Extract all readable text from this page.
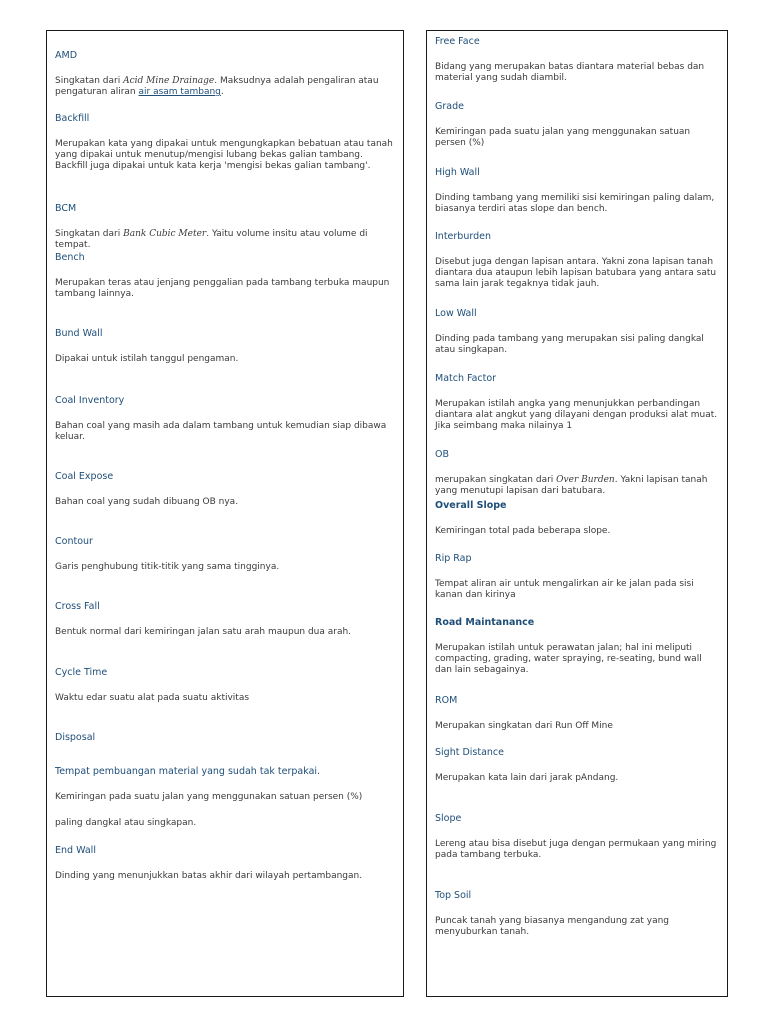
AMD
Singkatan dari Acid Mine Drainage. Maksudnya adalah pengaliran atau pengaturan aliran air asam tambang.
Backfill
Merupakan kata yang dipakai untuk mengungkapkan bebatuan atau tanah yang dipakai untuk menutup/mengisi lubang bekas galian tambang. Backfill juga dipakai untuk kata kerja 'mengisi bekas galian tambang'.
BCM
Singkatan dari Bank Cubic Meter. Yaitu volume insitu atau volume di tempat.
Bench
Merupakan teras atau jenjang penggalian pada tambang terbuka maupun tambang lainnya.
Bund Wall
Dipakai untuk istilah tanggul pengaman.
Coal Inventory
Bahan coal yang masih ada dalam tambang untuk kemudian siap dibawa keluar.
Coal Expose
Bahan coal yang sudah dibuang OB nya.
Contour
Garis penghubung titik-titik yang sama tingginya.
Cross Fall
Bentuk normal dari kemiringan jalan satu arah maupun dua arah.
Cycle Time
Waktu edar suatu alat pada suatu aktivitas
Disposal
Tempat pembuangan material yang sudah tak terpakai.
Kemiringan pada suatu jalan yang menggunakan satuan persen (%)
paling dangkal atau singkapan.
End Wall
Dinding yang menunjukkan batas akhir dari wilayah pertambangan.
Free Face
Bidang yang merupakan batas diantara material bebas dan material yang sudah diambil.
Grade
Kemiringan pada suatu jalan yang menggunakan satuan persen (%)
High Wall
Dinding tambang yang memiliki sisi kemiringan paling dalam, biasanya terdiri atas slope dan bench.
Interburden
Disebut juga dengan lapisan antara. Yakni zona lapisan tanah diantara dua ataupun lebih lapisan batubara yang antara satu sama lain jarak tegaknya tidak jauh.
Low Wall
Dinding pada tambang yang merupakan sisi paling dangkal atau singkapan.
Match Factor
Merupakan istilah angka yang menunjukkan perbandingan diantara alat angkut yang dilayani dengan produksi alat muat. Jika seimbang maka nilainya 1
OB
merupakan singkatan dari Over Burden. Yakni lapisan tanah yang menutupi lapisan dari batubara.
Overall Slope
Kemiringan total pada beberapa slope.
Rip Rap
Tempat aliran air untuk mengalirkan air ke jalan pada sisi kanan dan kirinya
Road Maintanance
Merupakan istilah untuk perawatan jalan; hal ini meliputi compacting, grading, water spraying, re-seating, bund wall dan lain sebagainya.
ROM
Merupakan singkatan dari Run Off Mine
Sight Distance
Merupakan kata lain dari jarak pAndang.
Slope
Lereng atau bisa disebut juga dengan permukaan yang miring pada tambang terbuka.
Top Soil
Puncak tanah yang biasanya mengandung zat yang menyuburkan tanah.
